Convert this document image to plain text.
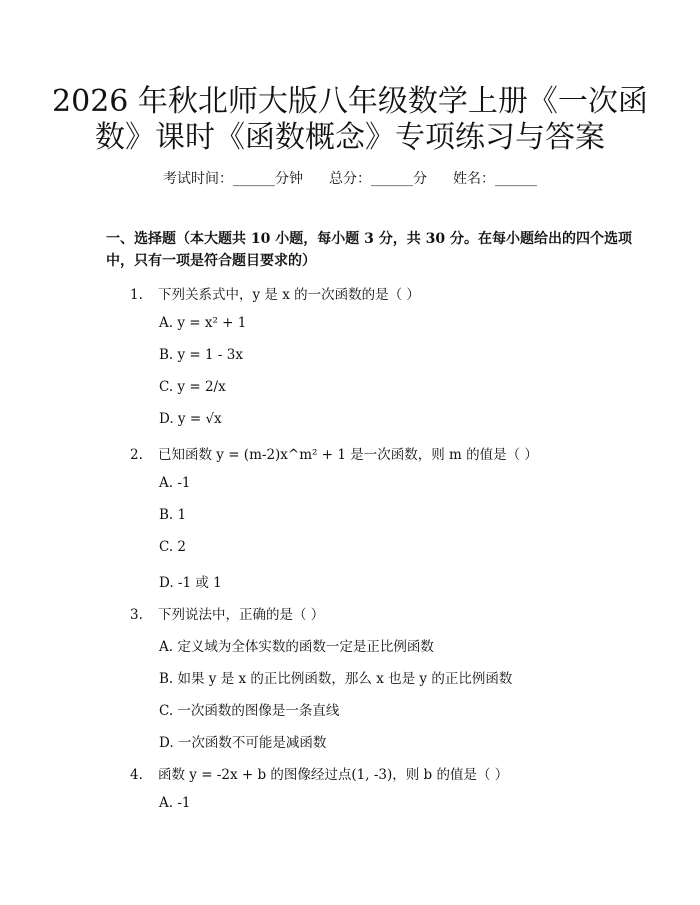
2026 年秋北师大版八年级数学上册《一次函
数》课时《函数概念》专项练习与答案
考试时间：______分钟 总分：______分 姓名：______
一、选择题（本大题共 10 小题，每小题 3 分，共 30 分。在每小题给出的四个选项中，只有一项是符合题目要求的）
1. 下列关系式中，y 是 x 的一次函数的是（ ）
A. y = x² + 1
B. y = 1 - 3x
C. y = 2/x
D. y = √x
2. 已知函数 y = (m-2)x^m² + 1 是一次函数，则 m 的值是（ ）
A. -1
B. 1
C. 2
D. -1 或 1
3. 下列说法中，正确的是（ ）
A. 定义域为全体实数的函数一定是正比例函数
B. 如果 y 是 x 的正比例函数，那么 x 也是 y 的正比例函数
C. 一次函数的图像是一条直线
D. 一次函数不可能是减函数
4. 函数 y = -2x + b 的图像经过点(1, -3)，则 b 的值是（ ）
A. -1
